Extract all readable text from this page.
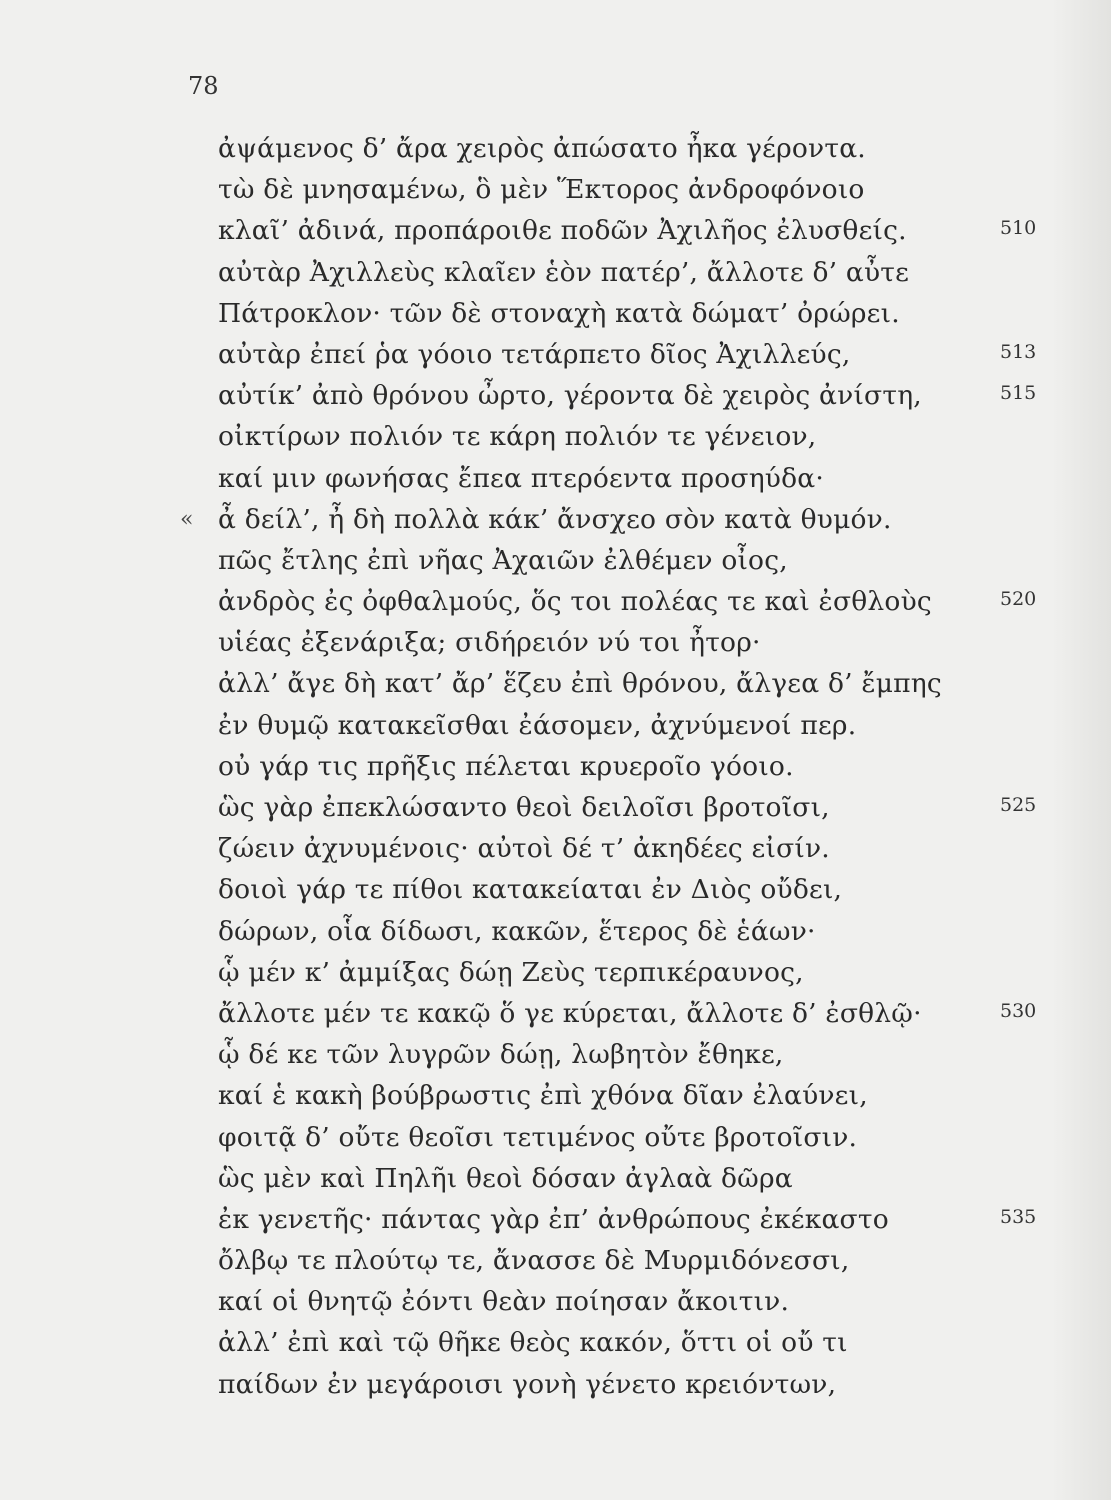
78
ἀψάμενος δ’ ἄρα χειρὸς ἀπώσατο ἦκα γέροντα.
τὼ δὲ μνησαμένω, ὃ μὲν Ἕκτορος ἀνδροφόνοιο
κλαῖ’ ἀδινά, προπάροιθε ποδῶν Ἀχιλῆος ἐλυσθείς.	510
αὐτὰρ Ἀχιλλεὺς κλαῖεν ἑὸν πατέρ’, ἄλλοτε δ’ αὖτε
Πάτροκλον· τῶν δὲ στοναχὴ κατὰ δώματ’ ὀρώρει.
αὐτὰρ ἐπεί ῥα γόοιο τετάρπετο δῖος Ἀχιλλεύς,	513
αὐτίκ’ ἀπὸ θρόνου ὦρτο, γέροντα δὲ χειρὸς ἀνίστη,	515
οἰκτίρων πολιόν τε κάρη πολιόν τε γένειον,
καί μιν φωνήσας ἔπεα πτερόεντα προσηύδα·
« ἆ δείλ’, ἦ δὴ πολλὰ κάκ’ ἄνσχεο σὸν κατὰ θυμόν.
πῶς ἔτλης ἐπὶ νῆας Ἀχαιῶν ἐλθέμεν οἶος,
ἀνδρὸς ἐς ὀφθαλμούς, ὅς τοι πολέας τε καὶ ἐσθλοὺς	520
υἱέας ἐξενάριξα; σιδήρειόν νύ τοι ἦτορ·
ἀλλ’ ἄγε δὴ κατ’ ἄρ’ ἕζευ ἐπὶ θρόνου, ἄλγεα δ’ ἔμπης
ἐν θυμῷ κατακεῖσθαι ἐάσομεν, ἀχνύμενοί περ.
οὐ γάρ τις πρῆξις πέλεται κρυεροῖο γόοιο.
ὣς γὰρ ἐπεκλώσαντο θεοὶ δειλοῖσι βροτοῖσι,	525
ζώειν ἀχνυμένοις· αὐτοὶ δέ τ’ ἀκηδέες εἰσίν.
δοιοὶ γάρ τε πίθοι κατακείαται ἐν Διὸς οὔδει,
δώρων, οἷα δίδωσι, κακῶν, ἕτερος δὲ ἑάων·
ᾧ μέν κ’ ἀμμίξας δώῃ Ζεὺς τερπικέραυνος,
ἄλλοτε μέν τε κακῷ ὅ γε κύρεται, ἄλλοτε δ’ ἐσθλῷ·	530
ᾧ δέ κε τῶν λυγρῶν δώῃ, λωβητὸν ἔθηκε,
καί ἑ κακὴ βούβρωστις ἐπὶ χθόνα δῖαν ἐλαύνει,
φοιτᾷ δ’ οὔτε θεοῖσι τετιμένος οὔτε βροτοῖσιν.
ὣς μὲν καὶ Πηλῆι θεοὶ δόσαν ἀγλαὰ δῶρα
ἐκ γενετῆς· πάντας γὰρ ἐπ’ ἀνθρώπους ἐκέκαστο	535
ὄλβῳ τε πλούτῳ τε, ἄνασσε δὲ Μυρμιδόνεσσι,
καί οἱ θνητῷ ἐόντι θεὰν ποίησαν ἄκοιτιν.
ἀλλ’ ἐπὶ καὶ τῷ θῆκε θεὸς κακόν, ὅττι οἱ οὔ τι
παίδων ἐν μεγάροισι γονὴ γένετο κρειόντων,
